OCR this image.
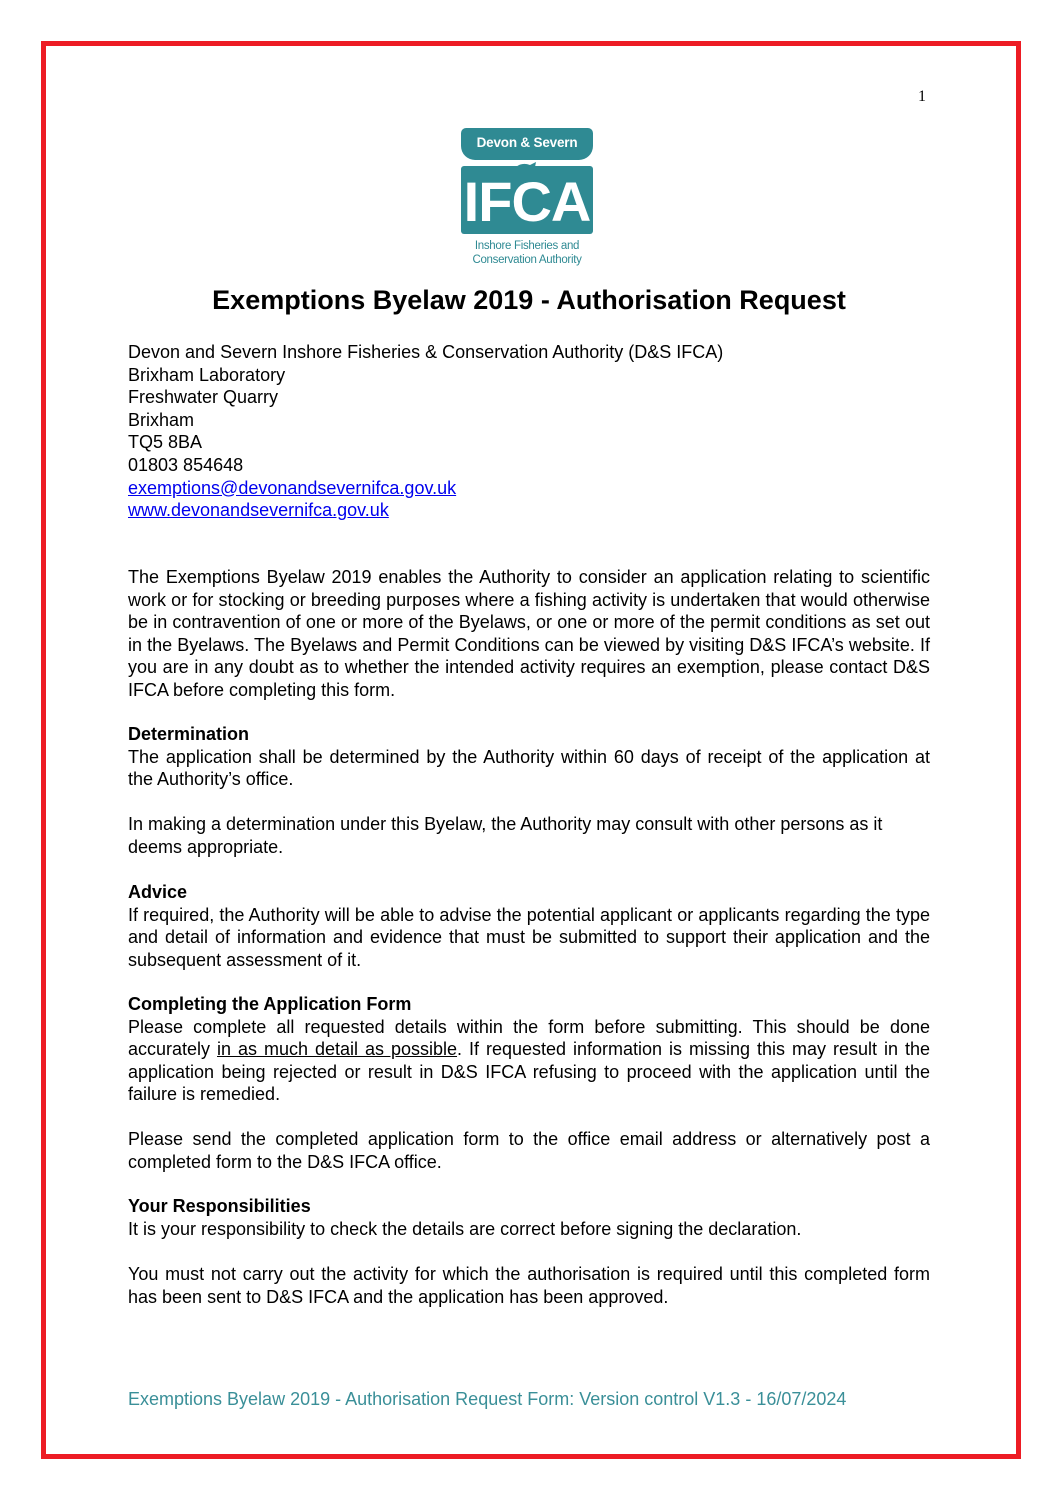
1
Devon & Severn
IFCA
Inshore Fisheries and
Conservation Authority
Exemptions Byelaw 2019 - Authorisation Request
Devon and Severn Inshore Fisheries & Conservation Authority (D&S IFCA)
Brixham Laboratory
Freshwater Quarry
Brixham
TQ5 8BA
01803 854648
exemptions@devonandsevernifca.gov.uk
www.devonandsevernifca.gov.uk

The Exemptions Byelaw 2019 enables the Authority to consider an application relating to scientific work or for stocking or breeding purposes where a fishing activity is undertaken that would otherwise be in contravention of one or more of the Byelaws, or one or more of the permit conditions as set out in the Byelaws. The Byelaws and Permit Conditions can be viewed by visiting D&S IFCA’s website. If you are in any doubt as to whether the intended activity requires an exemption, please contact D&S IFCA before completing this form.

Determination

The application shall be determined by the Authority within 60 days of receipt of the application at the Authority’s office.

In making a determination under this Byelaw, the Authority may consult with other persons as it deems appropriate.

Advice

If required, the Authority will be able to advise the potential applicant or applicants regarding the type and detail of information and evidence that must be submitted to support their application and the subsequent assessment of it.

Completing the Application Form

Please complete all requested details within the form before submitting. This should be done accurately in as much detail as possible. If requested information is missing this may result in the application being rejected or result in D&S IFCA refusing to proceed with the application until the failure is remedied.

Please send the completed application form to the office email address or alternatively post a completed form to the D&S IFCA office.

Your Responsibilities

It is your responsibility to check the details are correct before signing the declaration.

You must not carry out the activity for which the authorisation is required until this completed form has been sent to D&S IFCA and the application has been approved.

Exemptions Byelaw 2019 - Authorisation Request Form: Version control V1.3 - 16/07/2024
